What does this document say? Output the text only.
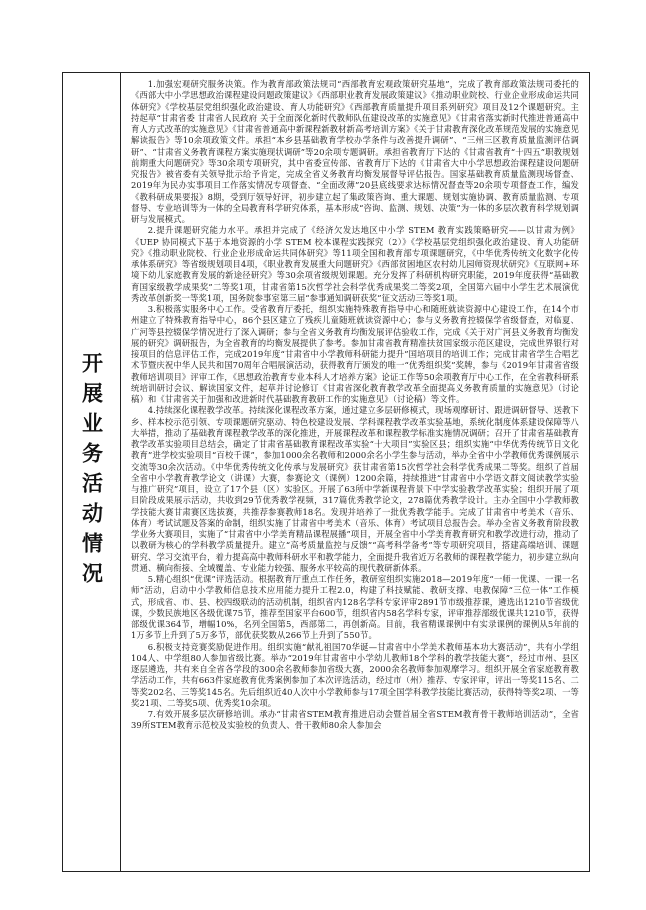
开展业务活动情况

1.加强宏观研究服务决策。作为教育部政策法规司“西部教育宏观政策研究基地”，完成了教育部政策法规司委托的《西部大中小学思想政治课程建设问题政策建议》《西部职业教育发展政策建议》《推动职业院校、行业企业形成命运共同体研究》《学校基层党组织强化政治建设、育人功能研究》《西部教育质量提升项目系列研究》项目及12个课题研究。主持起草“甘肃省委 甘肃省人民政府 关于全面深化新时代教师队伍建设改革的实施意见》《甘肃省落实新时代推进普通高中育人方式改革的实施意见》《甘肃省普通高中新课程新教材新高考培训方案》《关于甘肃教育深化改革规范发展的实施意见解读报告》等10余项政策文件。承担“本乡县基础教育学校办学条件与改善提升调研”、“三州三区教育质量监测评估调研”、“甘肃省义务教育课程方案实施现状调研”等20余项专题调研。承担省教育厅下达的《甘肃省教育“十四五”职教规划前期重大问题研究》等30余项专项研究，其中省委宣传部、省教育厅下达的《甘肃省大中小学思想政治课程建设问题研究报告》被省委有关领导批示给予肯定，完成全省义务教育均衡发展督导评估报告。国家基础教育质量监测现场督查、2019年为民办实事项目工作落实情况专项督查、“全面改薄”20县底线要求达标情况督查等20余项专项督查工作，编发《教科研成果要报》8期，受到厅领导好评，初步建立起了集政策咨询、重大课题、规划实施协调、教育质量监测、专项督导、专业培训等为一体的全局教育科学研究体系，基本形成“咨询、监测、规划、决策”为一体的多层次教育科学规划调研与发展模式。

2.提升课题研究能力水平。承担并完成了《经济欠发达地区中小学 STEM 教育实践策略研究——以甘肃为例》《UEP 协同模式下基于本地资源的小学 STEM 校本课程实践探究（2）》《学校基层党组织强化政治建设、育人功能研究》《推动职业院校、行业企业形成命运共同体研究》等11项全国和教育部专项课题研究，《中华优秀传统文化数字化传承体系研究》等省级规划项目4项，《职业教育发展重大问题研究》《西部贫困地区农村幼儿园师资现状研究》《互联网+环境下幼儿家庭教育发展的新途径研究》等30余项省级规划课题。充分发挥了科研机构研究职能，2019年度获得“基础教育国家级教学成果奖”二等奖1项，甘肃省第15次哲学社会科学优秀成果奖二等奖2项，全国第六届中小学生艺术展演优秀改革创新奖一等奖1项，国务院参事室第三届“参事通知调研获奖”征文活动三等奖1项。

3.积极落实服务中心工作。受省教育厅委托，组织实施特殊教育指导中心和随班就读资源中心建设工作，在14个市州建立了特殊教育指导中心，86个县区建立了残疾儿童随班就读资源中心；参与义务教育控辍保学省级督查，对临夏、广河等县控辍保学情况进行了深入调研；参与全省义务教育均衡发展评估验收工作，完成《关于对广河县义务教育均衡发展的研究》调研报告，为全省教育的均衡发展提供了参考。参加甘肃省教育精准扶贫国家级示范区建设，完成世界银行对接项目的信息评估工作，完成2019年度“甘肃省中小学教师科研能力提升”国培项目的培训工作；完成甘肃省学生合唱艺术节暨庆祝中华人民共和国70周年合唱展演活动，获得教育厅颁发的唯一“优秀组织奖”奖牌，参与《2019年甘肃省省级教师培训项目》评审工作，《思想政治教育专业本科人才培养方案》论证工作等50余项教育厅中心工作，在全省教科研系统培训研讨会议、解读国家文件，起草并讨论修订《甘肃省深化教育教学改革全面提高义务教育质量的实施意见》（讨论稿）和《甘肃省关于加强和改进新时代基础教育教研工作的实施意见》（讨论稿）等文件。

4.持续深化课程教学改革。持续深化课程改革方案，通过建立多层研修模式，现场观摩研讨、跟进调研督导、送教下乡、样本校示范引领、专项课题研究驱动、特色校建设发展、学科课程教学改革实验基地，系统化制度体系建设保障等八大举措，推动了基础教育课程教学改革的深化推进，开展课程改革和课程教学标准实施情况调研；召开了甘肃省基础教育教学改革实验项目总结会，确定了甘肃省基础教育课程改革实验“十大项目”实验区县；组织实施“中华优秀传统节日文化教育”进学校实验项目“百校千课”，参加1000余名教师和2000余名小学生参与活动，举办全省中小学教师优秀课例展示交流等30余次活动。《中华优秀传统文化传承与发展研究》获甘肃省第15次哲学社会科学优秀成果二等奖。组织了首届全省中小学教育教学论文（讲课）大赛，参赛论文（课例）1200余篇，持续推进“甘肃省中小学语文群文阅读教学实验与推广研究”项目，设立了17个县（区）实验区。开展了63所中学新课程背景下中学实验教学改革实验；组织开展了项目阶段成果展示活动，共收到29节优秀教学视频，317篇优秀教学论文，278篇优秀教学设计。主办全国中小学教师教学技能大赛甘肃赛区选拔赛，共推荐参赛教师18名。发现并培养了一批优秀教学能手。完成了甘肃省中考美术（音乐、体育）考试试题及答案的命制，组织实施了甘肃省中考美术（音乐、体育）考试项目总报告会。举办全省义务教育阶段教学业务大赛项目，实施了“甘肃省中小学美育精品课程展播”项目，开展全省中小学美育教育研究和教学改进行动，推动了以教研为核心的学科教学质量提升。建立“高考质量监控与反馈”“高考科学备考”等专项研究项目，搭建高端培训、课题研究、学习交流平台，着力提高高中教师科研水平和教学能力，全面提升我省近万名教师的课程教学能力，初步建立纵向贯通、横向衔接、全域覆盖、专业能力较强、服务水平较高的现代教研新体系。

5.精心组织“优课”评选活动。根据教育厅重点工作任务，教研室组织实施2018—2019年度“一师一优课、一课一名师”活动，启动中小学教师信息技术应用能力提升工程2.0，构建了科技赋能、教研支撑、电教保障“三位一体”工作模式，形成省、市、县、校四级联动的活动机制，组织省内128名学科专家评审2891节市级推荐课，遴选出1210节省级优课，少数民族地区各级优课75节，推荐至国家平台600节，组织省内58名学科专家，评审推荐部级优课共1210节，获得部级优课364节，增幅10%，名列全国第5，西部第二，再创新高。目前，我省精课课例中有实录课例的课例从5年前的1万多节上升到了5万多节，部优获奖数从266节上升到了550节。

6.积极支持竞赛奖励促进作用。组织实施“献礼祖国70华诞—甘肃省中小学美术教师基本功大赛活动”，共有小学组104人、中学组80人参加省级比赛。举办“2019年甘肃省中小学幼儿教师18个学科的教学技能大赛”，经过市州、县区逐层遴选，共有来自全省各学段的300余名教师参加省级大赛，2000余名教师参加观摩学习。组织开展全省家庭教育教学活动工作，共有663件家庭教育优秀案例参加了本次评选活动，经过市（州）推荐、专家评审，评出一等奖115名、二等奖202名、三等奖145名。先后组织近40人次中小学教师参与17项全国学科教学技能比赛活动，获得特等奖2项、一等奖21项、二等奖5项、优秀奖10余项。

7.有效开展多层次研修培训。承办“甘肃省STEM教育推进启动会暨首届全省STEM教育骨干教师培训活动”，全省39所STEM教育示范校及实验校的负责人、骨干教师80余人参加会
